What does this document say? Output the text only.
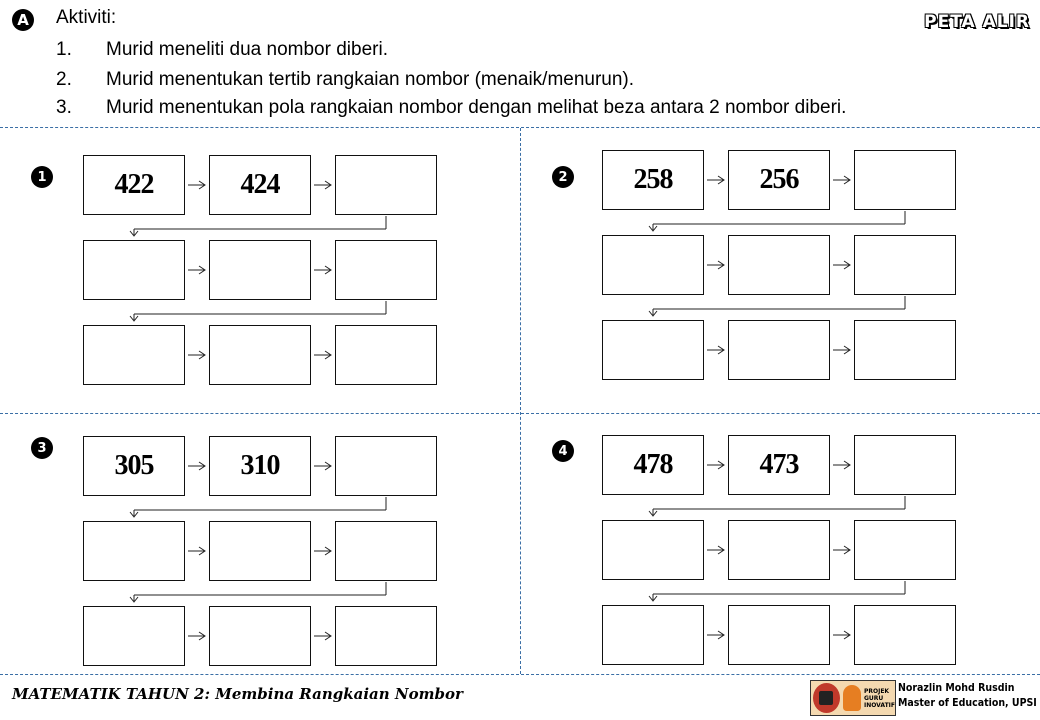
A Aktiviti:
1. Murid meneliti dua nombor diberi.
2. Murid menentukan tertib rangkaian nombor (menaik/menurun).
3. Murid menentukan pola rangkaian nombor dengan melihat beza antara 2 nombor diberi.
PETA ALIR
1	422	424	2	258	256
3
305	310	4	478	473
MATEMATIK TAHUN 2: Membina Rangkaian Nombor	PROJEK
GURU
INOVATIF
Norazlin Mohd Rusdin
Master of Education, UPSI
